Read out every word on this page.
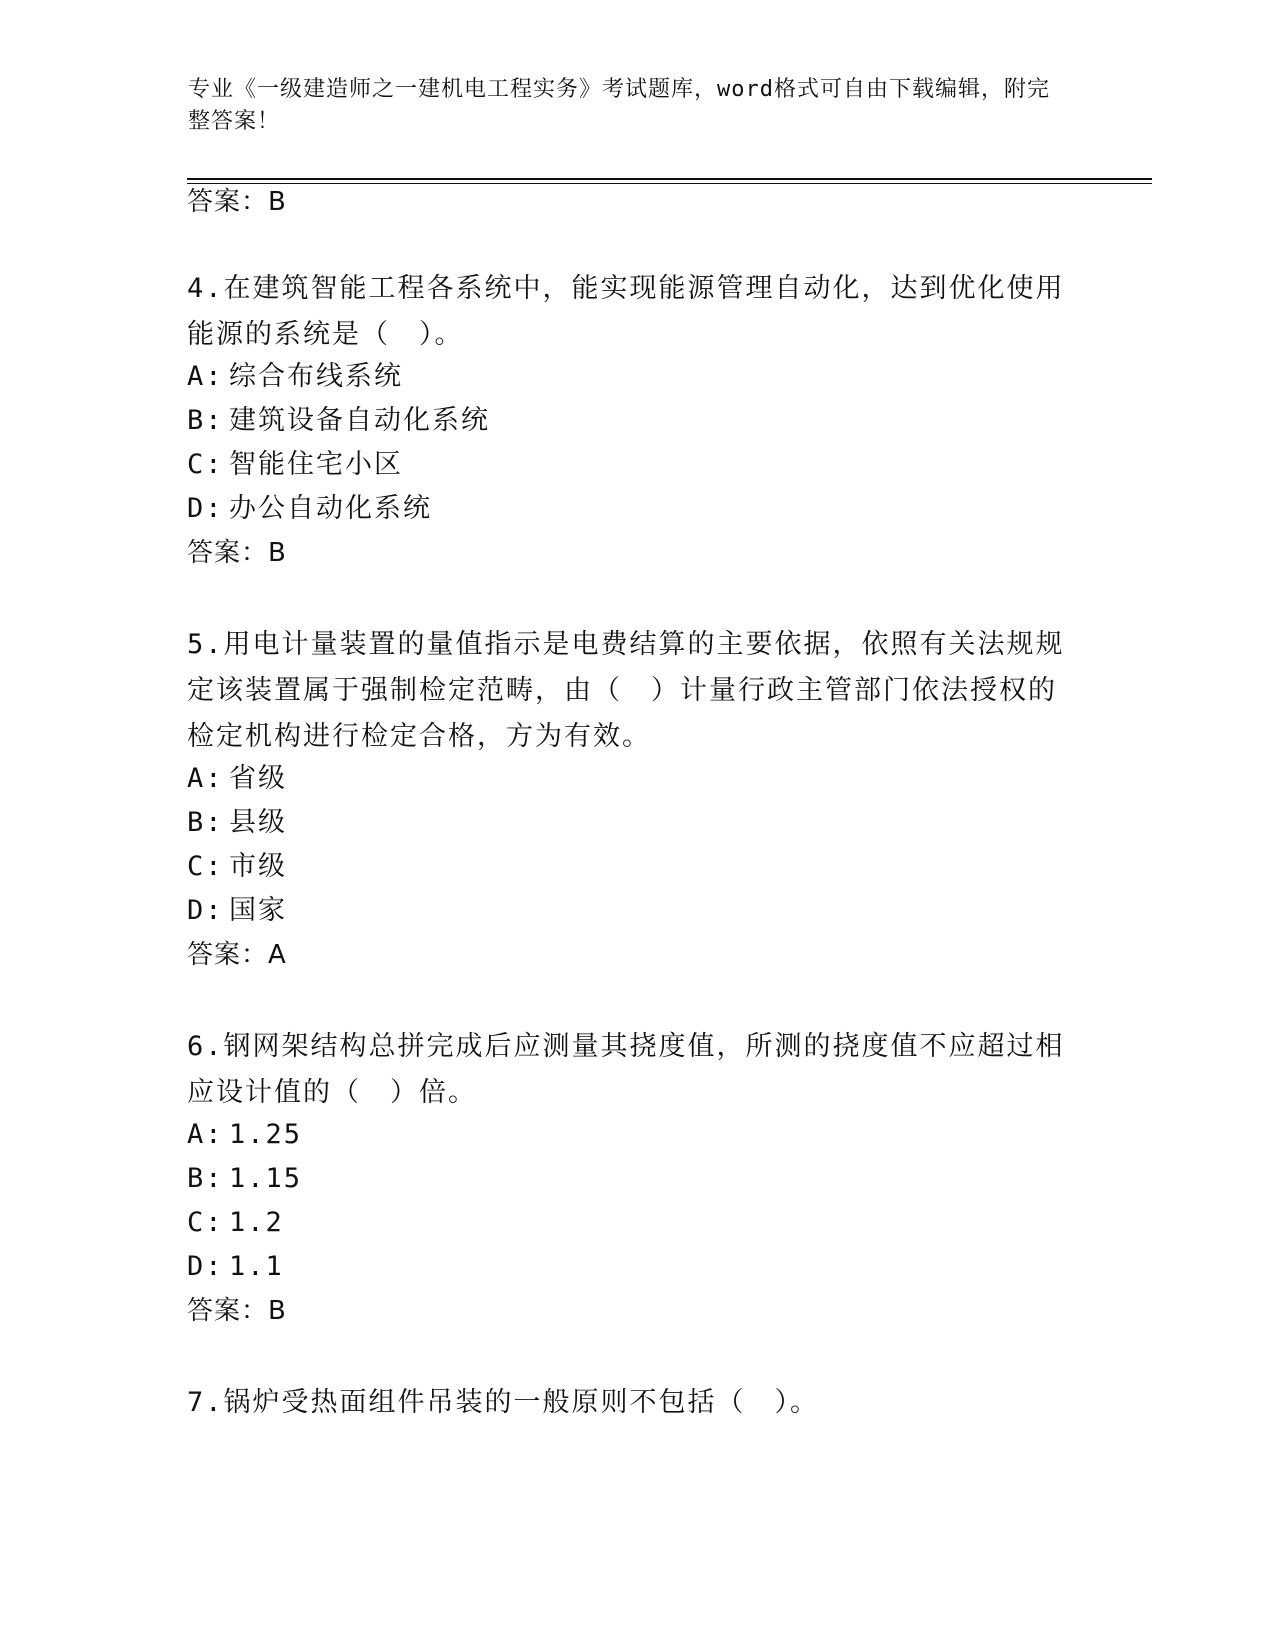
专业《一级建造师之一建机电工程实务》考试题库，word格式可自由下载编辑，附完整答案！
答案：B
4.在建筑智能工程各系统中，能实现能源管理自动化，达到优化使用能源的系统是（　）。
A: 综合布线系统
B: 建筑设备自动化系统
C: 智能住宅小区
D: 办公自动化系统
答案：B
5.用电计量装置的量值指示是电费结算的主要依据，依照有关法规规定该装置属于强制检定范畴，由（　）计量行政主管部门依法授权的检定机构进行检定合格，方为有效。
A: 省级
B: 县级
C: 市级
D: 国家
答案：A
6.钢网架结构总拼完成后应测量其挠度值，所测的挠度值不应超过相应设计值的（　）倍。
A: 1.25
B: 1.15
C: 1.2
D: 1.1
答案：B
7.锅炉受热面组件吊装的一般原则不包括（　）。
